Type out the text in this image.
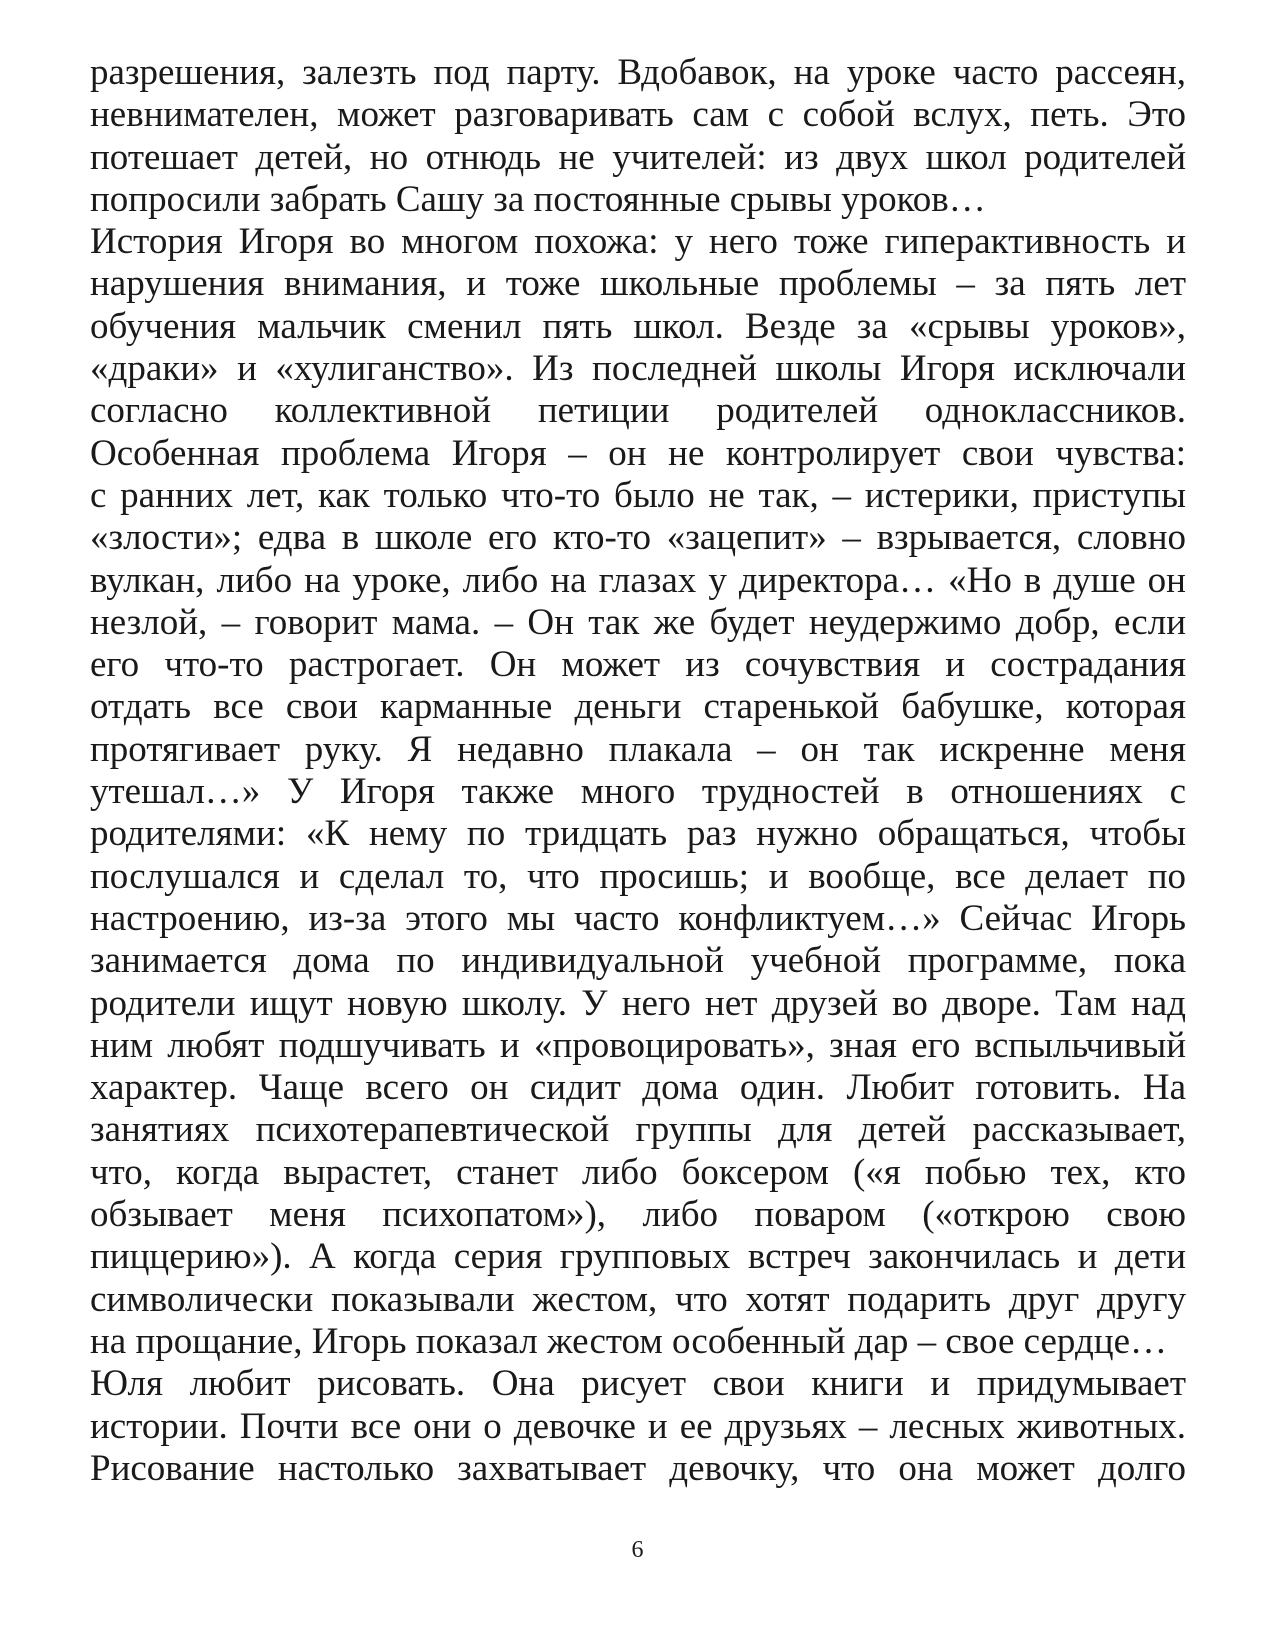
разрешения, залезть под парту. Вдобавок, на уроке часто рассеян,
невнимателен, может разговаривать сам с собой вслух, петь. Это
потешает детей, но отнюдь не учителей: из двух школ родителей
попросили забрать Сашу за постоянные срывы уроков…
История Игоря во многом похожа: у него тоже гиперактивность и
нарушения внимания, и тоже школьные проблемы – за пять лет
обучения мальчик сменил пять школ. Везде за «срывы уроков»,
«драки» и «хулиганство». Из последней школы Игоря исключали
согласно коллективной петиции родителей одноклассников.
Особенная проблема Игоря – он не контролирует свои чувства:
с ранних лет, как только что-то было не так, – истерики, приступы
«злости»; едва в школе его кто-то «зацепит» – взрывается, словно
вулкан, либо на уроке, либо на глазах у директора… «Но в душе он
незлой, – говорит мама. – Он так же будет неудержимо добр, если
его что-то растрогает. Он может из сочувствия и сострадания
отдать все свои карманные деньги старенькой бабушке, которая
протягивает руку. Я недавно плакала – он так искренне меня
утешал…» У Игоря также много трудностей в отношениях с
родителями: «К нему по тридцать раз нужно обращаться, чтобы
послушался и сделал то, что просишь; и вообще, все делает по
настроению, из-за этого мы часто конфликтуем…» Сейчас Игорь
занимается дома по индивидуальной учебной программе, пока
родители ищут новую школу. У него нет друзей во дворе. Там над
ним любят подшучивать и «провоцировать», зная его вспыльчивый
характер. Чаще всего он сидит дома один. Любит готовить. На
занятиях психотерапевтической группы для детей рассказывает,
что, когда вырастет, станет либо боксером («я побью тех, кто
обзывает меня психопатом»), либо поваром («открою свою
пиццерию»). А когда серия групповых встреч закончилась и дети
символически показывали жестом, что хотят подарить друг другу
на прощание, Игорь показал жестом особенный дар – свое сердце…
Юля любит рисовать. Она рисует свои книги и придумывает
истории. Почти все они о девочке и ее друзьях – лесных животных.
Рисование настолько захватывает девочку, что она может долго
6
